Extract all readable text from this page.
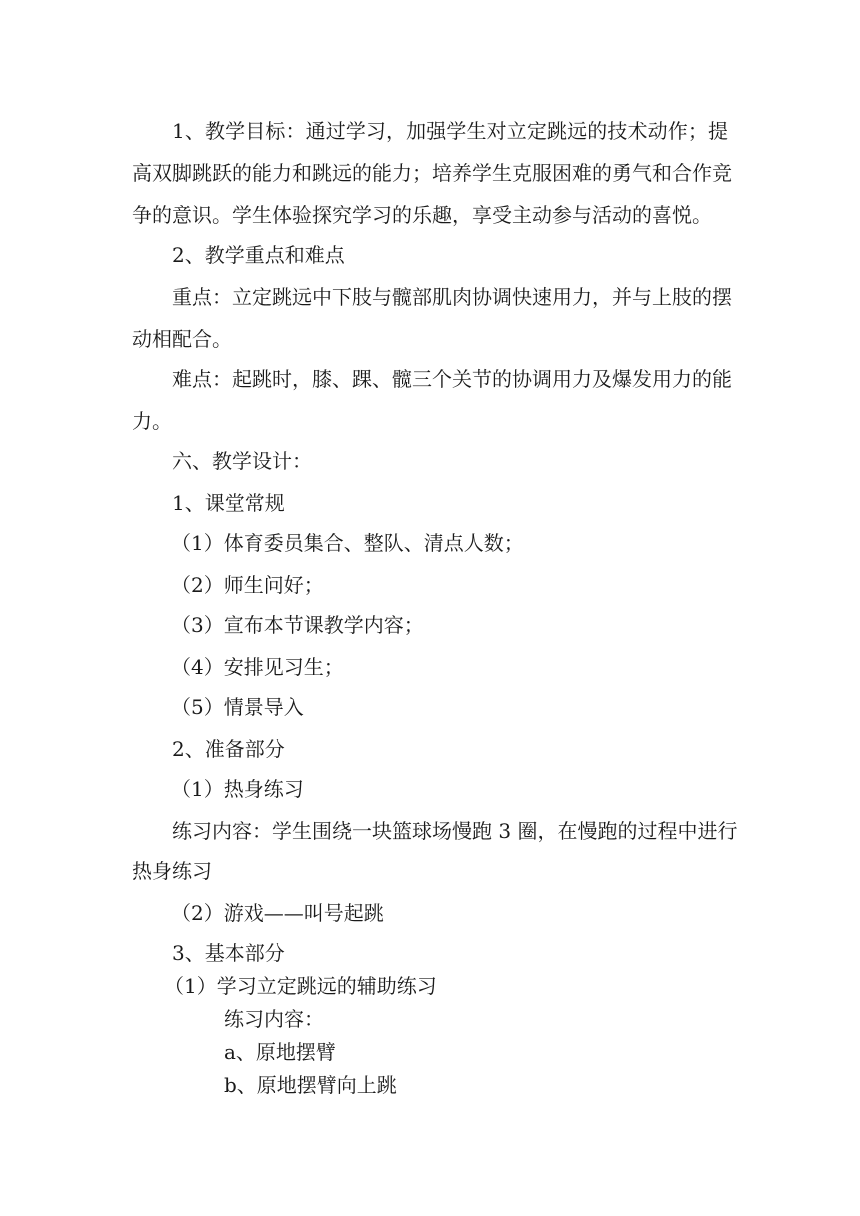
1、教学目标：通过学习，加强学生对立定跳远的技术动作；提

高双脚跳跃的能力和跳远的能力；培养学生克服困难的勇气和合作竞

争的意识。学生体验探究学习的乐趣，享受主动参与活动的喜悦。

2、教学重点和难点

重点：立定跳远中下肢与髋部肌肉协调快速用力，并与上肢的摆

动相配合。

难点：起跳时，膝、踝、髋三个关节的协调用力及爆发用力的能

力。

六、教学设计：

1、课堂常规

（1）体育委员集合、整队、清点人数；

（2）师生问好；

（3）宣布本节课教学内容；

（4）安排见习生；

（5）情景导入

2、准备部分

（1）热身练习

练习内容：学生围绕一块篮球场慢跑 3 圈，在慢跑的过程中进行

热身练习

（2）游戏——叫号起跳

3、基本部分

（1）学习立定跳远的辅助练习

练习内容：

a、原地摆臂

b、原地摆臂向上跳
